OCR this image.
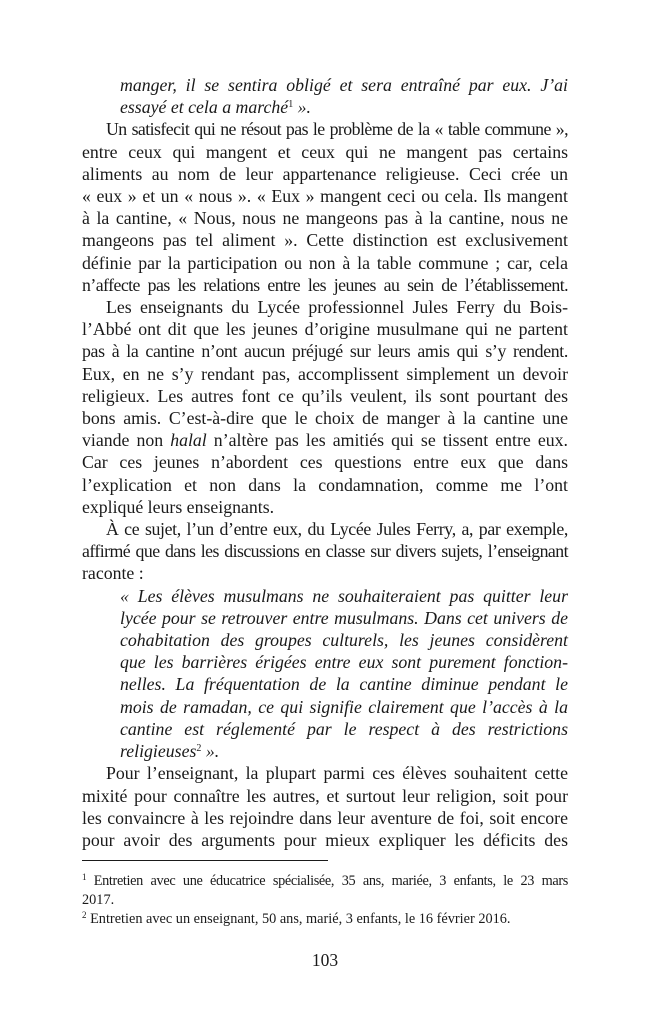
manger, il se sentira obligé et sera entraîné par eux. J’ai
essayé et cela a marché$^1$ ».
Un satisfecit qui ne résout pas le problème de la « table commune »,
entre ceux qui mangent et ceux qui ne mangent pas certains
aliments au nom de leur appartenance religieuse. Ceci crée un
« eux » et un « nous ». « Eux » mangent ceci ou cela. Ils mangent
à la cantine, « Nous, nous ne mangeons pas à la cantine, nous ne
mangeons pas tel aliment ». Cette distinction est exclusivement
définie par la participation ou non à la table commune ; car, cela
n’affecte pas les relations entre les jeunes au sein de l’établissement.
Les enseignants du Lycée professionnel Jules Ferry du Bois-
l’Abbé ont dit que les jeunes d’origine musulmane qui ne partent
pas à la cantine n’ont aucun préjugé sur leurs amis qui s’y rendent.
Eux, en ne s’y rendant pas, accomplissent simplement un devoir
religieux. Les autres font ce qu’ils veulent, ils sont pourtant des
bons amis. C’est-à-dire que le choix de manger à la cantine une
viande non halal n’altère pas les amitiés qui se tissent entre eux.
Car ces jeunes n’abordent ces questions entre eux que dans
l’explication et non dans la condamnation, comme me l’ont
expliqué leurs enseignants.
À ce sujet, l’un d’entre eux, du Lycée Jules Ferry, a, par exemple,
affirmé que dans les discussions en classe sur divers sujets, l’enseignant
raconte :
« Les élèves musulmans ne souhaiteraient pas quitter leur
lycée pour se retrouver entre musulmans. Dans cet univers de
cohabitation des groupes culturels, les jeunes considèrent
que les barrières érigées entre eux sont purement fonction-
nelles. La fréquentation de la cantine diminue pendant le
mois de ramadan, ce qui signifie clairement que l’accès à la
cantine est réglementé par le respect à des restrictions
religieuses$^2$ ».
Pour l’enseignant, la plupart parmi ces élèves souhaitent cette
mixité pour connaître les autres, et surtout leur religion, soit pour
les convaincre à les rejoindre dans leur aventure de foi, soit encore
pour avoir des arguments pour mieux expliquer les déficits des
$^1$ Entretien avec une éducatrice spécialisée, 35 ans, mariée, 3 enfants, le 23 mars
2017.
$^2$ Entretien avec un enseignant, 50 ans, marié, 3 enfants, le 16 février 2016.
103
